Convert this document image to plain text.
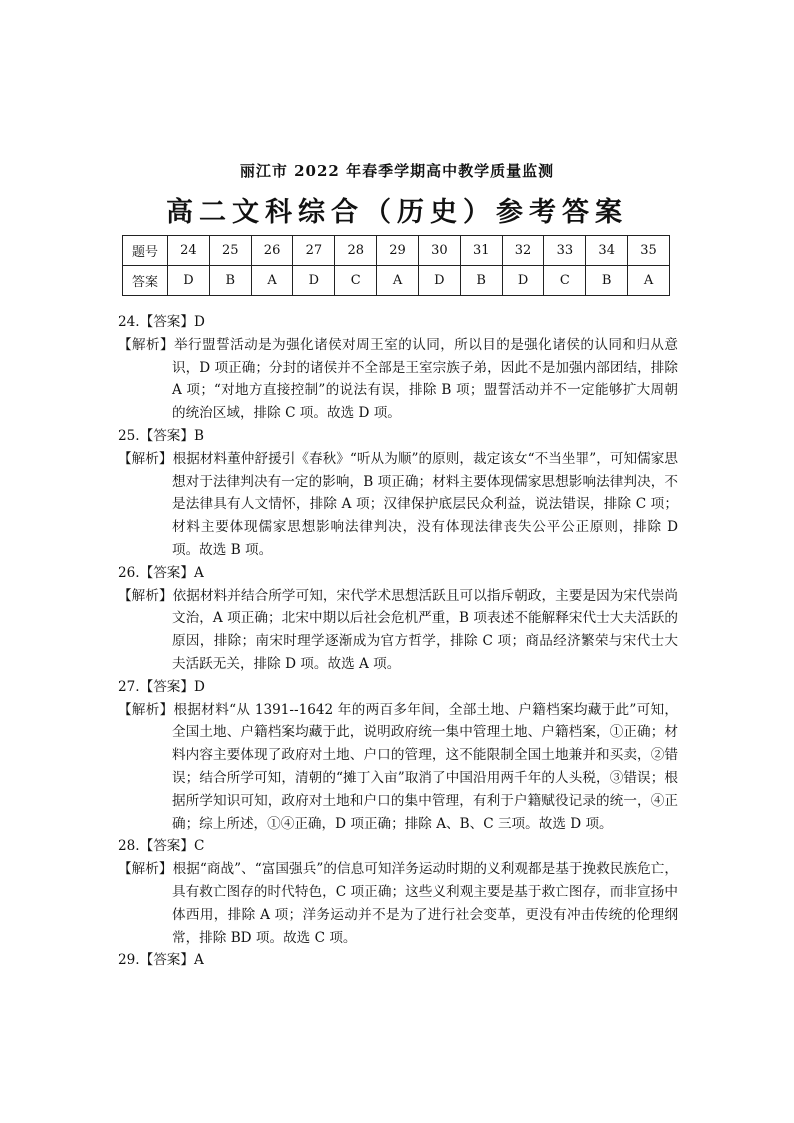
丽江市 2022 年春季学期高中教学质量监测
高二文科综合（历史）参考答案
题号	24	25	26	27	28	29	30	31	32	33	34	35
答案	D	B	A	D	C	A	D	B	D	C	B	A
24.【答案】D
【解析】举行盟誓活动是为强化诸侯对周王室的认同，所以目的是强化诸侯的认同和归从意识，D 项正确；分封的诸侯并不全部是王室宗族子弟，因此不是加强内部团结，排除 A 项；“对地方直接控制”的说法有误，排除 B 项；盟誓活动并不一定能够扩大周朝的统治区域，排除 C 项。故选 D 项。
25.【答案】B
【解析】根据材料董仲舒援引《春秋》“听从为顺”的原则，裁定该女“不当坐罪”，可知儒家思想对于法律判决有一定的影响，B 项正确；材料主要体现儒家思想影响法律判决，不是法律具有人文情怀，排除 A 项；汉律保护底层民众利益，说法错误，排除 C 项；材料主要体现儒家思想影响法律判决，没有体现法律丧失公平公正原则，排除 D 项。故选 B 项。
26.【答案】A
【解析】依据材料并结合所学可知，宋代学术思想活跃且可以指斥朝政，主要是因为宋代崇尚文治，A 项正确；北宋中期以后社会危机严重，B 项表述不能解释宋代士大夫活跃的原因，排除；南宋时理学逐渐成为官方哲学，排除 C 项；商品经济繁荣与宋代士大夫活跃无关，排除 D 项。故选 A 项。
27.【答案】D
【解析】根据材料“从 1391--1642 年的两百多年间，全部土地、户籍档案均藏于此”可知，全国土地、户籍档案均藏于此，说明政府统一集中管理土地、户籍档案，①正确；材料内容主要体现了政府对土地、户口的管理，这不能限制全国土地兼并和买卖，②错误；结合所学可知，清朝的“摊丁入亩”取消了中国沿用两千年的人头税，③错误；根据所学知识可知，政府对土地和户口的集中管理，有利于户籍赋役记录的统一，④正确；综上所述，①④正确，D 项正确；排除 A、B、C 三项。故选 D 项。
28.【答案】C
【解析】根据“商战”、“富国强兵”的信息可知洋务运动时期的义利观都是基于挽救民族危亡，具有救亡图存的时代特色，C 项正确；这些义利观主要是基于救亡图存，而非宣扬中体西用，排除 A 项；洋务运动并不是为了进行社会变革，更没有冲击传统的伦理纲常，排除 BD 项。故选 C 项。
29.【答案】A
